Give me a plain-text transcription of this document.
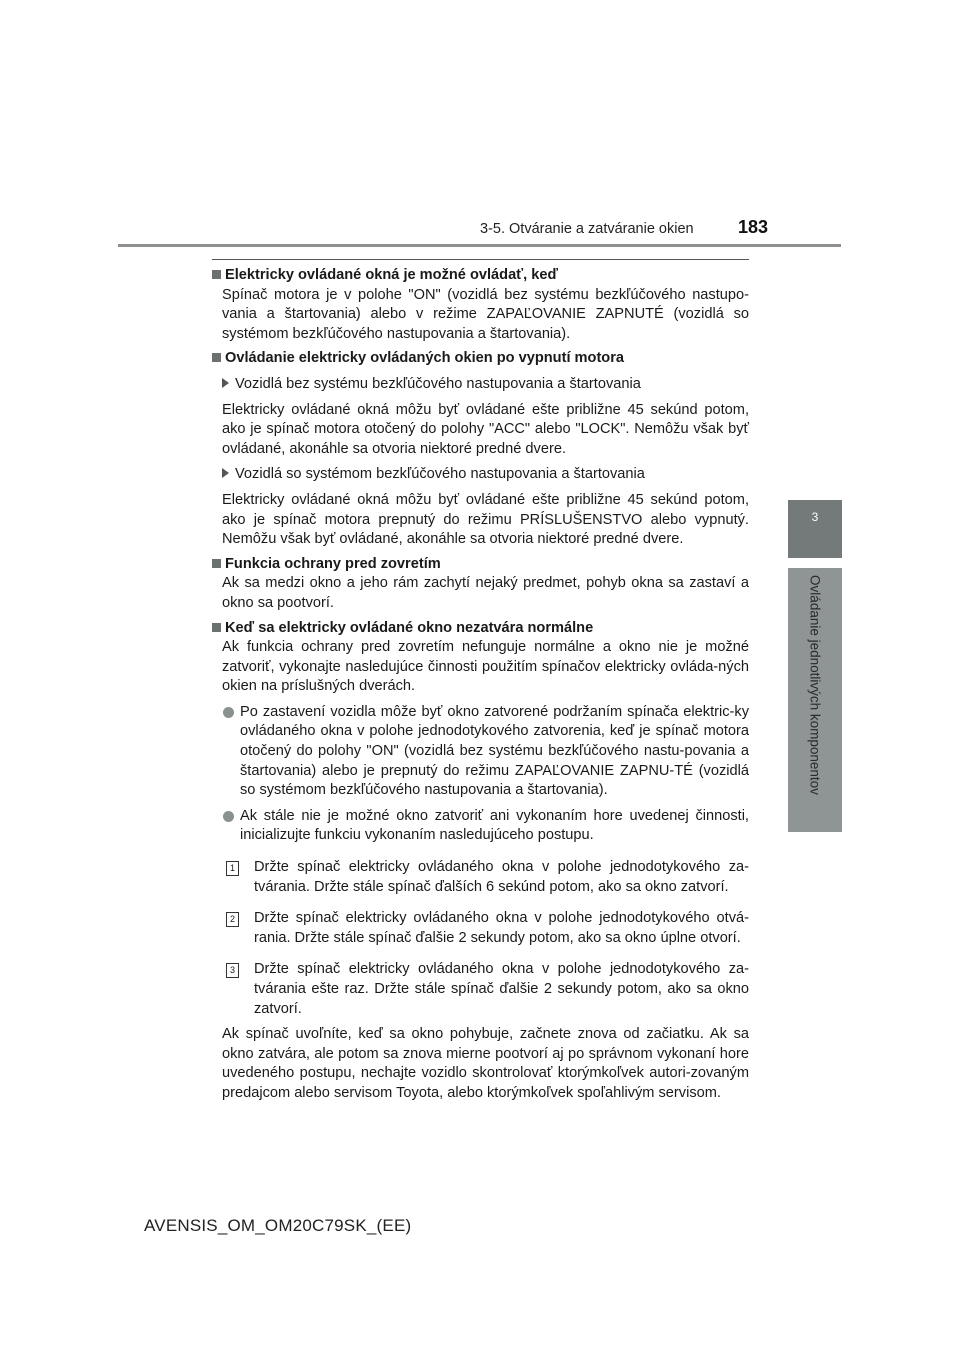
3-5. Otváranie a zatváranie okien 183
3
Ovládanie jednotlivých komponentov

Elektricky ovládané okná je možné ovládať, keď

Spínač motora je v polohe "ON" (vozidlá bez systému bezkľúčového nastupo-vania a štartovania) alebo v režime ZAPAĽOVANIE ZAPNUTÉ (vozidlá so systémom bezkľúčového nastupovania a štartovania).

Ovládanie elektricky ovládaných okien po vypnutí motora

Vozidlá bez systému bezkľúčového nastupovania a štartovania

Elektricky ovládané okná môžu byť ovládané ešte približne 45 sekúnd potom, ako je spínač motora otočený do polohy "ACC" alebo "LOCK". Nemôžu však byť ovládané, akonáhle sa otvoria niektoré predné dvere.

Vozidlá so systémom bezkľúčového nastupovania a štartovania

Elektricky ovládané okná môžu byť ovládané ešte približne 45 sekúnd potom, ako je spínač motora prepnutý do režimu PRÍSLUŠENSTVO alebo vypnutý. Nemôžu však byť ovládané, akonáhle sa otvoria niektoré predné dvere.

Funkcia ochrany pred zovretím

Ak sa medzi okno a jeho rám zachytí nejaký predmet, pohyb okna sa zastaví a okno sa pootvorí.

Keď sa elektricky ovládané okno nezatvára normálne

Ak funkcia ochrany pred zovretím nefunguje normálne a okno nie je možné zatvoriť, vykonajte nasledujúce činnosti použitím spínačov elektricky ovláda-ných okien na príslušných dverách.

Po zastavení vozidla môže byť okno zatvorené podržaním spínača elektric-ky ovládaného okna v polohe jednodotykového zatvorenia, keď je spínač motora otočený do polohy "ON" (vozidlá bez systému bezkľúčového nastu-povania a štartovania) alebo je prepnutý do režimu ZAPAĽOVANIE ZAPNU-TÉ (vozidlá so systémom bezkľúčového nastupovania a štartovania).

Ak stále nie je možné okno zatvoriť ani vykonaním hore uvedenej činnosti, inicializujte funkciu vykonaním nasledujúceho postupu.

1 Držte spínač elektricky ovládaného okna v polohe jednodotykového za-tvárania. Držte stále spínač ďalších 6 sekúnd potom, ako sa okno zatvorí.

2 Držte spínač elektricky ovládaného okna v polohe jednodotykového otvá-rania. Držte stále spínač ďalšie 2 sekundy potom, ako sa okno úplne otvorí.

3 Držte spínač elektricky ovládaného okna v polohe jednodotykového za-tvárania ešte raz. Držte stále spínač ďalšie 2 sekundy potom, ako sa okno zatvorí.

Ak spínač uvoľníte, keď sa okno pohybuje, začnete znova od začiatku. Ak sa okno zatvára, ale potom sa znova mierne pootvorí aj po správnom vykonaní hore uvedeného postupu, nechajte vozidlo skontrolovať ktorýmkoľvek autori-zovaným predajcom alebo servisom Toyota, alebo ktorýmkoľvek spoľahlivým servisom.

AVENSIS_OM_OM20C79SK_(EE)
